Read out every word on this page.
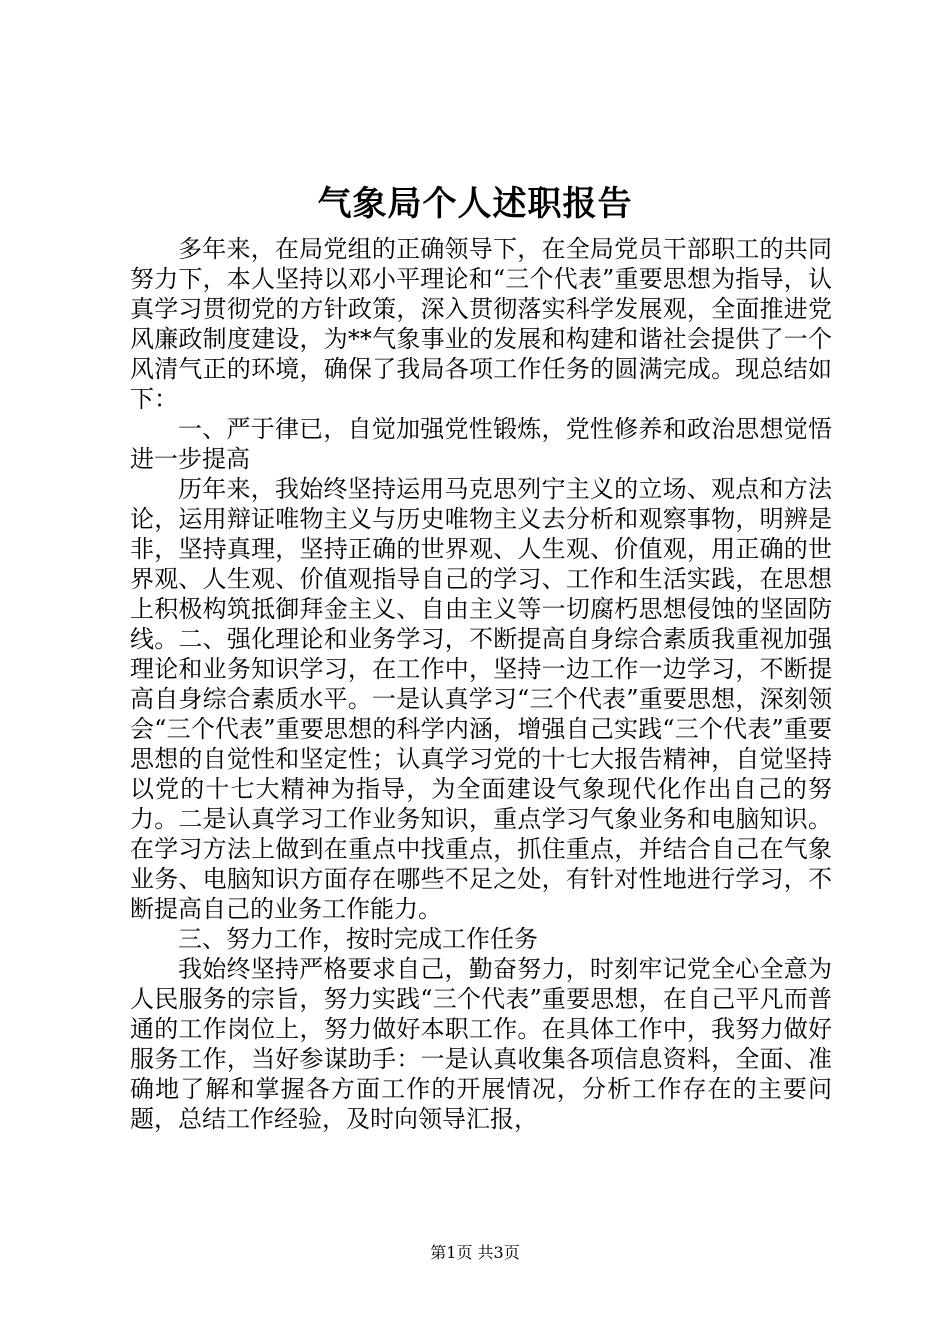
气象局个人述职报告

多年来，在局党组的正确领导下，在全局党员干部职工的共同努力下，本人坚持以邓小平理论和“三个代表”重要思想为指导，认真学习贯彻党的方针政策，深入贯彻落实科学发展观，全面推进党风廉政制度建设，为**气象事业的发展和构建和谐社会提供了一个风清气正的环境，确保了我局各项工作任务的圆满完成。现总结如下：

一、严于律已，自觉加强党性锻炼，党性修养和政治思想觉悟进一步提高

历年来，我始终坚持运用马克思列宁主义的立场、观点和方法论，运用辩证唯物主义与历史唯物主义去分析和观察事物，明辨是非，坚持真理，坚持正确的世界观、人生观、价值观，用正确的世界观、人生观、价值观指导自己的学习、工作和生活实践，在思想上积极构筑抵御拜金主义、自由主义等一切腐朽思想侵蚀的坚固防线。二、强化理论和业务学习，不断提高自身综合素质我重视加强理论和业务知识学习，在工作中，坚持一边工作一边学习，不断提高自身综合素质水平。一是认真学习“三个代表”重要思想，深刻领会“三个代表”重要思想的科学内涵，增强自己实践“三个代表”重要思想的自觉性和坚定性；认真学习党的十七大报告精神，自觉坚持以党的十七大精神为指导，为全面建设气象现代化作出自己的努力。二是认真学习工作业务知识，重点学习气象业务和电脑知识。在学习方法上做到在重点中找重点，抓住重点，并结合自己在气象业务、电脑知识方面存在哪些不足之处，有针对性地进行学习，不断提高自己的业务工作能力。

三、努力工作，按时完成工作任务

我始终坚持严格要求自己，勤奋努力，时刻牢记党全心全意为人民服务的宗旨，努力实践“三个代表”重要思想，在自己平凡而普通的工作岗位上，努力做好本职工作。在具体工作中，我努力做好服务工作，当好参谋助手：一是认真收集各项信息资料，全面、准确地了解和掌握各方面工作的开展情况，分析工作存在的主要问题，总结工作经验，及时向领导汇报，

第1页 共3页
